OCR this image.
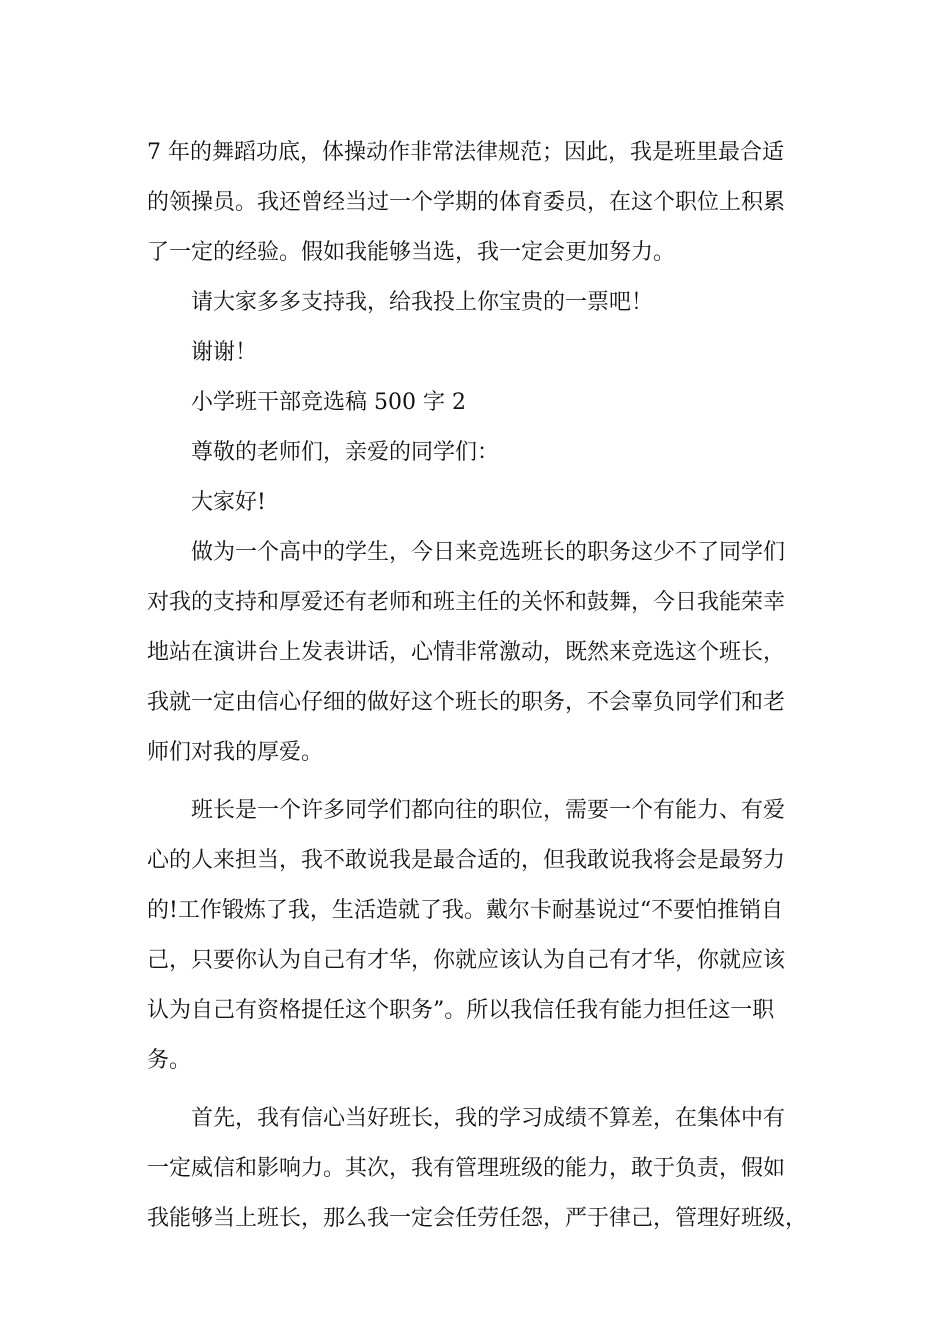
7 年的舞蹈功底，体操动作非常法律规范；因此，我是班里最合适
的领操员。我还曾经当过一个学期的体育委员，在这个职位上积累
了一定的经验。假如我能够当选，我一定会更加努力。
请大家多多支持我，给我投上你宝贵的一票吧！
谢谢！
小学班干部竞选稿 500 字 2
尊敬的老师们，亲爱的同学们：
大家好!
做为一个高中的学生，今日来竞选班长的职务这少不了同学们
对我的支持和厚爱还有老师和班主任的关怀和鼓舞，今日我能荣幸
地站在演讲台上发表讲话，心情非常激动，既然来竞选这个班长，
我就一定由信心仔细的做好这个班长的职务，不会辜负同学们和老
师们对我的厚爱。
班长是一个许多同学们都向往的职位，需要一个有能力、有爱
心的人来担当，我不敢说我是最合适的，但我敢说我将会是最努力
的!工作锻炼了我，生活造就了我。戴尔卡耐基说过“不要怕推销自
己，只要你认为自己有才华，你就应该认为自己有才华，你就应该
认为自己有资格提任这个职务”。所以我信任我有能力担任这一职
务。
首先，我有信心当好班长，我的学习成绩不算差，在集体中有
一定威信和影响力。其次，我有管理班级的能力，敢于负责，假如
我能够当上班长，那么我一定会任劳任怨，严于律己，管理好班级，
